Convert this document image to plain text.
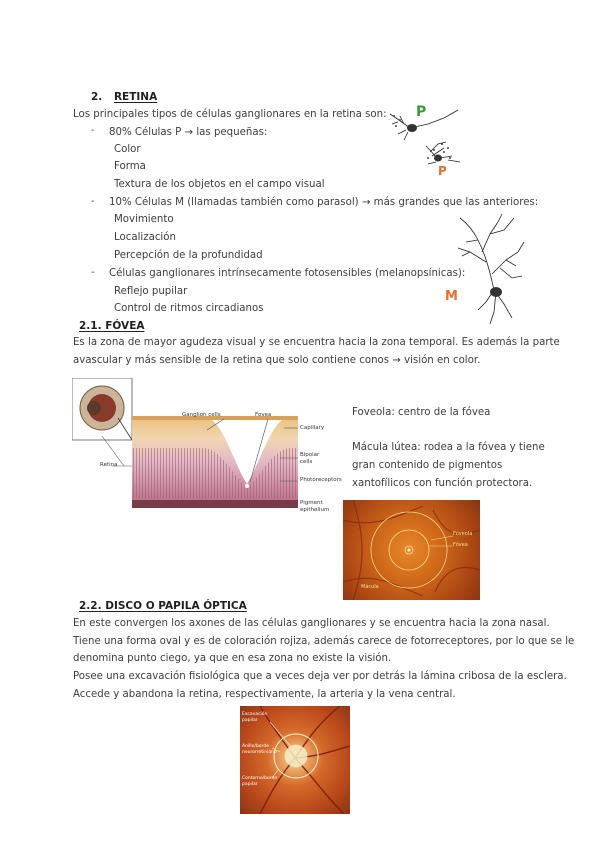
2. RETINA
Los principales tipos de células ganglionares en la retina son:
- 80% Células P → las pequeñas:
Color
Forma
Textura de los objetos en el campo visual
- 10% Células M (llamadas también como parasol) → más grandes que las anteriores:
Movimiento
Localización
Percepción de la profundidad
- Células ganglionares intrínsecamente fotosensibles (melanopsínicas):
Reflejo pupilar
Control de ritmos circadianos
P
P
M
2.1. FÓVEA
Es la zona de mayor agudeza visual y se encuentra hacia la zona temporal. Es además la parte
avascular y más sensible de la retina que solo contiene conos → visión en color.
Ganglion cells	Fovea
Capillary
Bipolar
cells
Photoreceptors
Retina
Pigment
epithelium
Foveola: centro de la fóvea
Mácula lútea: rodea a la fóvea y tiene
gran contenido de pigmentos
xantofílicos con función protectora.
Foveola
Fóvea
Mácula
2.2. DISCO O PAPILA ÓPTICA
En este convergen los axones de las células ganglionares y se encuentra hacia la zona nasal.
Tiene una forma oval y es de coloración rojiza, además carece de fotorreceptores, por lo que se le
denomina punto ciego, ya que en esa zona no existe la visión.
Posee una excavación fisiológica que a veces deja ver por detrás la lámina cribosa de la esclera.
Accede y abandona la retina, respectivamente, la arteria y la vena central.
Excavación
papilar
Anillo/borde
neurorretiniano
Contorno/borde
papilar
